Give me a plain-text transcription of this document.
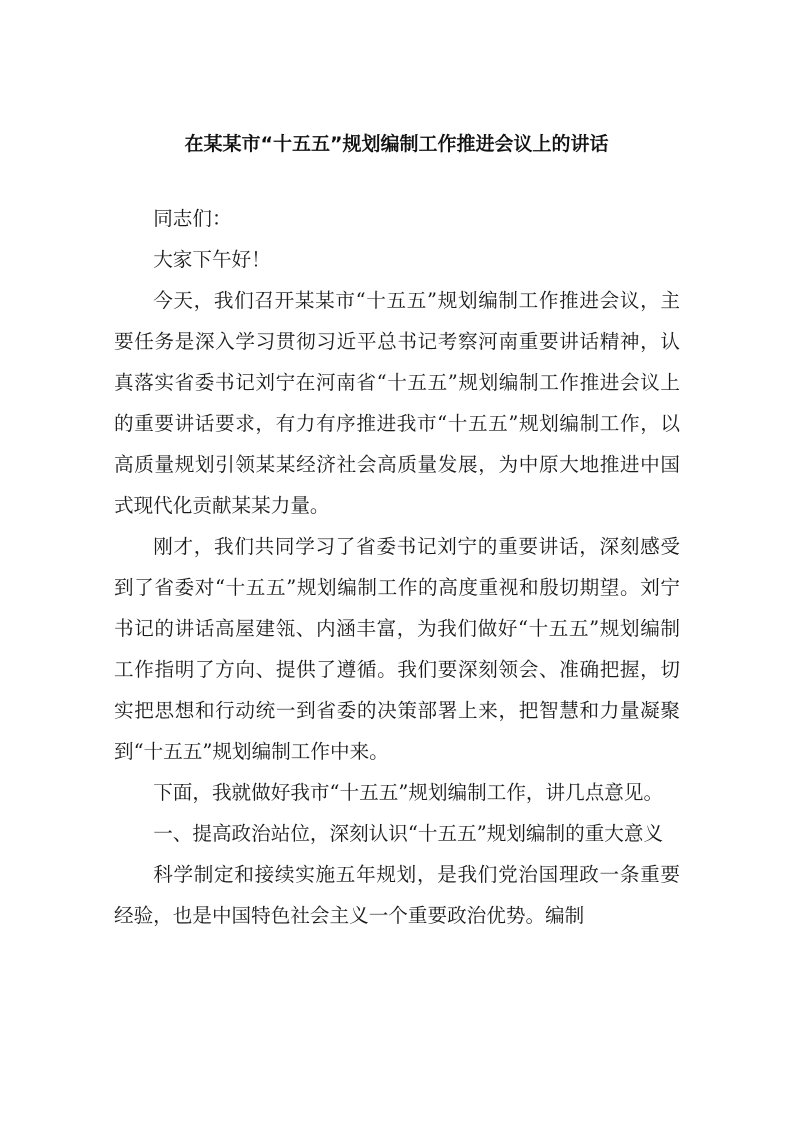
在某某市“十五五”规划编制工作推进会议上的讲话

同志们：

大家下午好！

今天，我们召开某某市“十五五”规划编制工作推进会议，主要任务是深入学习贯彻习近平总书记考察河南重要讲话精神，认真落实省委书记刘宁在河南省“十五五”规划编制工作推进会议上的重要讲话要求，有力有序推进我市“十五五”规划编制工作，以高质量规划引领某某经济社会高质量发展，为中原大地推进中国式现代化贡献某某力量。

刚才，我们共同学习了省委书记刘宁的重要讲话，深刻感受到了省委对“十五五”规划编制工作的高度重视和殷切期望。刘宁书记的讲话高屋建瓴、内涵丰富，为我们做好“十五五”规划编制工作指明了方向、提供了遵循。我们要深刻领会、准确把握，切实把思想和行动统一到省委的决策部署上来，把智慧和力量凝聚到“十五五”规划编制工作中来。

下面，我就做好我市“十五五”规划编制工作，讲几点意见。

一、提高政治站位，深刻认识“十五五”规划编制的重大意义

科学制定和接续实施五年规划，是我们党治国理政一条重要经验，也是中国特色社会主义一个重要政治优势。编制
